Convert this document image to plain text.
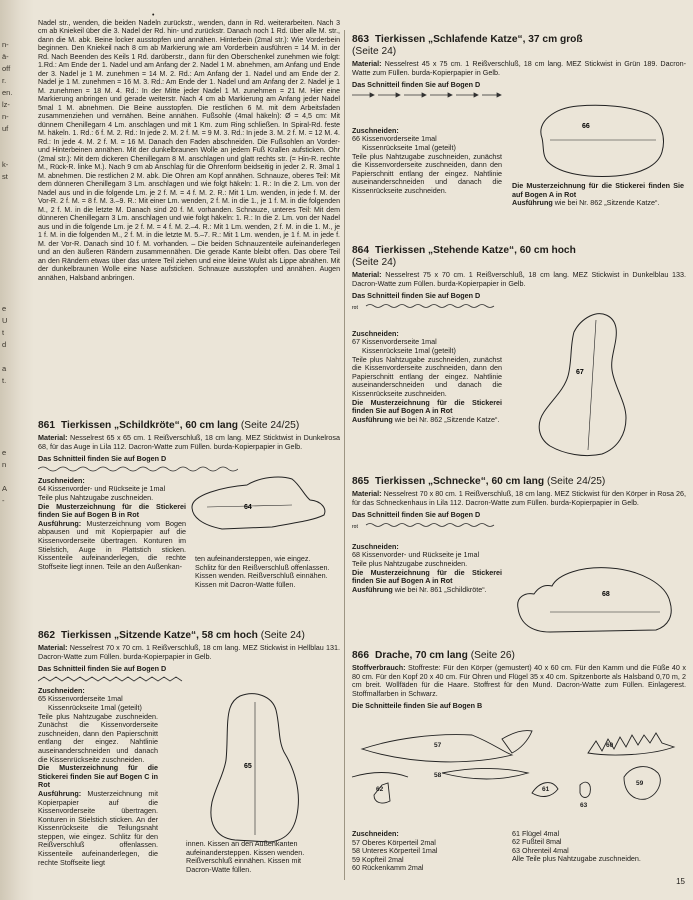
n-
ä-
off
r.
en.
lz-
n-
uf
k-
st
e
U
t
d
a
t.
e
n
A
-
•

Nadel str., wenden, die beiden Nadeln zurückstr., wenden, dann in Rd. weiterarbeiten. Nach 3 cm ab Kniekeil über die 3. Nadel der Rd. hin- und zurückstr. Danach noch 1 Rd. über alle M. str., dann die M. abk. Beine locker ausstopfen und annähen. Hinterbein (2mal str.): Wie Vorderbein beginnen. Den Kniekeil nach 8 cm ab Markierung wie am Vorderbein ausführen = 14 M. in der Rd. Nach Beenden des Keils 1 Rd. darüberstr., dann für den Oberschenkel zunehmen wie folgt: 1.Rd.: Am Ende der 1. Nadel und am Anfang der 2. Nadel 1 M. abnehmen, am Anfang und Ende der 3. Nadel je 1 M. zunehmen = 14 M. 2. Rd.: Am Anfang der 1. Nadel und am Ende der 2. Nadel je 1 M. zunehmen = 16 M. 3. Rd.: Am Ende der 1. Nadel und am Anfang der 2. Nadel je 1 M. zunehmen = 18 M. 4. Rd.: In der Mitte jeder Nadel 1 M. zunehmen = 21 M. Hier eine Markierung anbringen und gerade weiterstr. Nach 4 cm ab Markierung am Anfang jeder Nadel 5mal 1 M. abnehmen. Die Beine ausstopfen. Die restlichen 6 M. mit dem Arbeitsfaden zusammenziehen und vernähen. Beine annähen. Fußsohle (4mal häkeln): Ø = 4,5 cm: Mit dünnem Chenillegarn 4 Lm. anschlagen und mit 1 Km. zum Ring schließen. In Spiral-Rd. feste M. häkeln. 1. Rd.: 6 f. M. 2. Rd.: In jede 2. M. 2 f. M. = 9 M. 3. Rd.: In jede 3. M. 2 f. M. = 12 M. 4. Rd.: In jede 4. M. 2 f. M. = 16 M. Danach den Faden abschneiden. Die Fußsohlen an Vorder- und Hinterbeinen annähen. Mit der dunkelbraunen Wolle an jedem Fuß Krallen aufsticken. Ohr (2mal str.): Mit dem dickeren Chenillegarn 8 M. anschlagen und glatt rechts str. (= Hin-R. rechte M., Rück-R. linke M.). Nach 9 cm ab Anschlag für die Ohrenform beidseitig in jeder 2. R. 3mal 1 M. abnehmen. Die restlichen 2 M. abk. Die Ohren am Kopf annähen. Schnauze, oberes Teil: Mit dem dünneren Chenillegarn 3 Lm. anschlagen und wie folgt häkeln: 1. R.: In die 2. Lm. von der Nadel aus und in die folgende Lm. je 2 f. M. = 4 f. M. 2. R.: Mit 1 Lm. wenden, in jede f. M. der Vor-R. 2 f. M. = 8 f. M. 3.–9. R.: Mit einer Lm. wenden, 2 f. M. in die 1., je 1 f. M. in die folgenden M., 2 f. M. in die letzte M. Danach sind 20 f. M. vorhanden. Schnauze, unteres Teil: Mit dem dünneren Chenillegarn 3 Lm. anschlagen und wie folgt häkeln: 1. R.: In die 2. Lm. von der Nadel aus und in die folgende Lm. je 2 f. M. = 4 f. M. 2.–4. R.: Mit 1 Lm. wenden, 2 f. M. in die 1. M., je 1 f. M. in die folgenden M., 2 f. M. in die letzte M. 5.–7. R.: Mit 1 Lm. wenden, je 1 f. M. in jede f. M. der Vor-R. Danach sind 10 f. M. vorhanden. – Die beiden Schnauzenteile aufeinanderlegen und an den äußeren Rändern zusammennähen. Die gerade Kante bleibt offen. Das obere Teil an den Rändern etwas über das untere Teil ziehen und eine kleine Wulst als Lippe abnähen. Mit der dunkelbraunen Wolle eine Nase aufsticken. Schnauze ausstopfen und annähen. Augen annähen, Halsband anbringen.

861 Tierkissen „Schildkröte“, 60 cm lang (Seite 24/25)

Material: Nesselrest 65 x 65 cm. 1 Reißverschluß, 18 cm lang. MEZ Sticktwist in Dunkelrosa 68, für das Auge in Lila 112. Dacron-Watte zum Füllen. burda-Kopierpapier in Gelb.

Das Schnitteil finden Sie auf Bogen D

Zuschneiden:

64 Kissenvorder- und Rückseite je 1mal

Teile plus Nahtzugabe zuschneiden.

Die Musterzeichnung für die Stickerei finden Sie auf Bogen B in Rot

Ausführung: Musterzeichnung vom Bogen abpausen und mit Kopierpapier auf die Kissenvorderseite übertragen. Konturen im Stielstich, Auge in Plattstich sticken. Kissenteile aufeinanderlegen, die rechte Stoffseite liegt innen. Teile an den Außenkan-

ten aufeinandersteppen, wie eingez. Schlitz für den Reißverschluß offenlassen. Kissen wenden. Reißverschluß einnähen. Kissen mit Dacron-Watte füllen.
64
862 Tierkissen „Sitzende Katze“, 58 cm hoch (Seite 24)

Material: Nesselrest 70 x 70 cm. 1 Reißverschluß, 18 cm lang. MEZ Stickwist in Hellblau 131. Dacron-Watte zum Füllen. burda-Kopierpapier in Gelb.

Das Schnitteil finden Sie auf Bogen D

Zuschneiden:

65 Kissenvorderseite 1mal

Kissenrückseite 1mal (geteilt)

Teile plus Nahtzugabe zuschneiden. Zunächst die Kissenvorderseite zuschneiden, dann den Papierschnitt entlang der eingez. Nahtlinie auseinanderschneiden und danach die Kissenrückseite zuschneiden.

Die Musterzeichnung für die Stickerei finden Sie auf Bogen C in Rot

Ausführung: Musterzeichnung mit Kopierpapier auf die Kissenvorderseite übertragen. Konturen in Stielstich sticken. An der Kissenrückseite die Teilungsnaht steppen, wie eingez. Schlitz für den Reißverschluß offenlassen. Kissenteile aufeinanderlegen, die rechte Stoffseite liegt

innen. Kissen an den Außenkanten aufeinandersteppen. Kissen wenden. Reißverschluß einnähen. Kissen mit Dacron-Watte füllen.
65
863 Tierkissen „Schlafende Katze“, 37 cm groß
(Seite 24)

Material: Nesselrest 45 x 75 cm. 1 Reißverschluß, 18 cm lang. MEZ Stickwist in Grün 189. Dacron-Watte zum Füllen. burda-Kopierpapier in Gelb.

Das Schnitteil finden Sie auf Bogen D

Zuschneiden:

66 Kissenvorderseite 1mal

Kissenrückseite 1mal (geteilt)

Teile plus Nahtzugabe zuschneiden, zunächst die Kissenvorderseite zuschneiden, dann den Papierschnitt entlang der eingez. Nahtlinie auseinanderschneiden und danach die Kissenrückseite zuschneiden.

Die Musterzeichnung für die Stickerei finden Sie auf Bogen A in Rot

Ausführung wie bei Nr. 862 „Sitzende Katze“.

66
864 Tierkissen „Stehende Katze“, 60 cm hoch
(Seite 24)

Material: Nesselrest 75 x 70 cm. 1 Reißverschluß, 18 cm lang. MEZ Stickwist in Dunkelblau 133. Dacron-Watte zum Füllen. burda-Kopierpapier in Gelb.

Das Schnitteil finden Sie auf Bogen D
rot

Zuschneiden:

67 Kissenvorderseite 1mal

Kissenrückseite 1mal (geteilt)

Teile plus Nahtzugabe zuschneiden, zunächst die Kissenvorderseite zuschneiden, dann den Papierschnitt entlang der eingez. Nahtlinie auseinanderschneiden und danach die Kissenrückseite zuschneiden.

Die Musterzeichnung für die Stickerei finden Sie auf Bogen A in Rot

Ausführung wie bei Nr. 862 „Sitzende Katze“.

67
865 Tierkissen „Schnecke“, 60 cm lang (Seite 24/25)

Material: Nesselrest 70 x 80 cm. 1 Reißverschluß, 18 cm lang. MEZ Stickwist für den Körper in Rosa 26, für das Schneckenhaus in Lila 112. Dacron-Watte zum Füllen. burda-Kopierpapier in Gelb.

Das Schnitteil finden Sie auf Bogen D
rot

Zuschneiden:

68 Kissenvorder- und Rückseite je 1mal

Teile plus Nahtzugabe zuschneiden.

Die Musterzeichnung für die Stickerei finden Sie auf Bogen A in Rot

Ausführung wie bei Nr. 861 „Schildkröte“.

68
866 Drache, 70 cm lang (Seite 26)

Stoffverbrauch: Stoffreste: Für den Körper (gemustert) 40 x 60 cm. Für den Kamm und die Füße 40 x 80 cm. Für den Kopf 20 x 40 cm. Für Ohren und Flügel 35 x 40 cm. Spitzenborte als Halsband 0,70 m, 2 cm breit. Wollfäden für die Haare. Stoffrest für den Mund. Dacron-Watte zum Füllen. Einlagerest. Stoffmalfarben in Schwarz.

Die Schnitteile finden Sie auf Bogen B
57
58
59
60
61
62
63

Zuschneiden:

57 Oberes Körperteil 2mal

58 Unteres Körperteil 1mal

59 Kopfteil 2mal

60 Rückenkamm 2mal

61 Flügel 4mal

62 Fußteil 8mal

63 Ohrenteil 4mal

Alle Teile plus Nahtzugabe zuschneiden.

15
